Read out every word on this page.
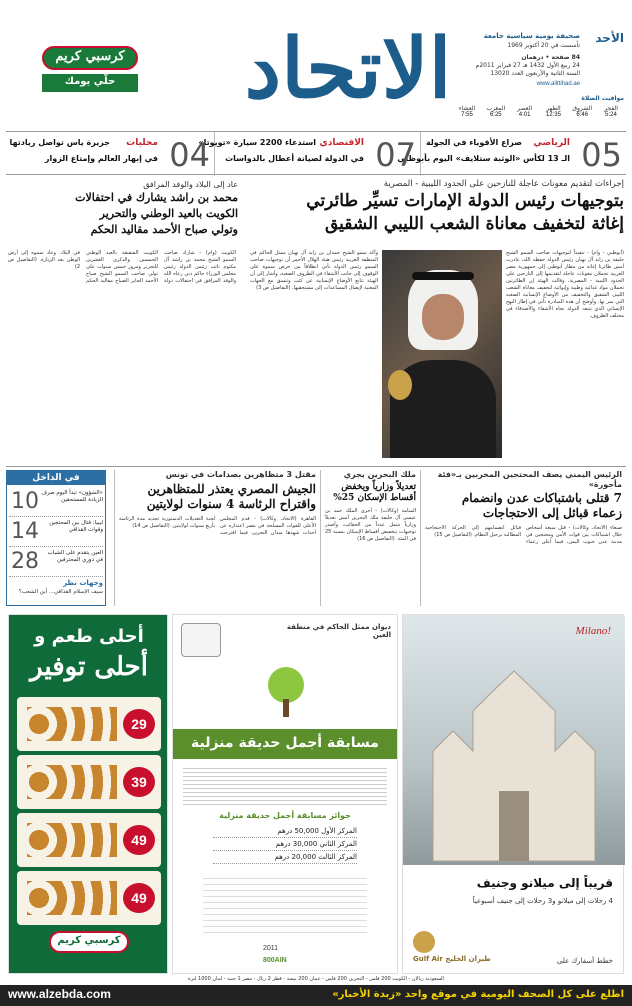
الأحد
الاتحاد	صحيفة يومية سياسية جامعة
تأسست في 20 أكتوبر 1969
84 صفحة • درهمان
24 ربيع الأول 1432 هـ 27 فبراير 2011م
السنة الثانية والأربعون العدد 13020
www.alittihad.ae
مواقيت الصلاة
الفجر
5:24
الشروق
6:46
الظهر
12:35
العصر
4:01
المغرب
6:25
العشاء
7:55
كرسبي كريم
حلّي يومك
05
الرياضي
صراع الأقوياء في الجولة
الـ 13 لكأس «الوثبة ستلايف» اليوم بأبوظبي
07
الاقتصادي
استدعاء 2200 سيارة «تويوتا»
في الدولة لصيانة أعطال بالدواسات
04
محليات
جزيرة ياس تواصل ريادتها
في إبهار العالم وإمتاع الزوار
إجراءات لتقديم معونات عاجلة للنازحين على الحدود الليبية - المصرية
بتوجيهات رئيس الدولة الإمارات تسيِّر طائرتي
إغاثة لتخفيف معاناة الشعب الليبي الشقيق
(أبوظبي - وام) - تنفيذاً لتوجيهات صاحب السمو الشيخ خليفة بن زايد آل نهيان رئيس الدولة حفظه الله، غادرت أمس طائرتا إغاثة من مطار أبوظبي إلى جمهورية مصر العربية تحملان معونات عاجلة لتقديمها إلى النازحين على الحدود الليبية - المصرية، وقالت الهيئة إن الطائرتين تحملان مواد غذائية وطبية وإيوائية لتخفيف معاناة الشعب الليبي الشقيق والتخفيف من الأوضاع الإنسانية الصعبة التي يمر بها. وأوضح أن هذه المبادرة تأتي في إطار النهج الإنساني الذي تتبعه الدولة تجاه الأشقاء والأصدقاء في مختلف الظروف.
وأكد سمو الشيخ حمدان بن زايد آل نهيان ممثل الحاكم في المنطقة الغربية رئيس هيئة الهلال الأحمر أن توجيهات صاحب السمو رئيس الدولة تأتي انطلاقاً من حرص سموه على الوقوف إلى جانب الأشقاء في الظروف الصعبة، وأشار إلى أن الهيئة تتابع الأوضاع الإنسانية عن كثب وتنسق مع الجهات المعنية لإيصال المساعدات إلى مستحقيها. (التفاصيل ص 3)
عاد إلى البلاد والوفد المرافق
محمد بن راشد يشارك في احتفالات
الكويت بالعيد الوطني والتحرير
وتولي صباح الأحمد مقاليد الحكم
الكويت (وام) - شارك صاحب السمو الشيخ محمد بن راشد آل مكتوم نائب رئيس الدولة رئيس مجلس الوزراء حاكم دبي رعاه الله والوفد المرافق في احتفالات دولة الكويت الشقيقة بالعيد الوطني الخمسين والذكرى العشرين للتحرير ومرور خمس سنوات على تولي صاحب السمو الشيخ صباح الأحمد الجابر الصباح مقاليد الحكم في البلاد. وعاد سموه إلى أرض الوطن بعد الزيارة. (التفاصيل ص 2)
الرئيس اليمني يصف المحتجين المخربين بـ«فئة مأجورة»
7 قتلى باشتباكات عدن وانضمام
زعماء قبائل إلى الاحتجاجات
صنعاء (الاتحاد، وكالات) - قتل سبعة أشخاص خلال اشتباكات بين قوات الأمن ومحتجين في مدينة عدن جنوب اليمن، فيما أعلن زعماء قبائل انضمامهم إلى الحركة الاحتجاجية المطالبة برحيل النظام. (التفاصيل ص 15)
ملك البحرين يجري
تعديلاً وزارياً ويخفض
أقساط الإسكان 25%
المنامة (وكالات) - أجرى الملك حمد بن عيسى آل خليفة ملك البحرين أمس تعديلاً وزارياً شمل عدداً من الحقائب، وأصدر توجيهات بتخفيض أقساط الإسكان بنسبة 25 في المئة. (التفاصيل ص 16)
مقتل 3 متظاهرين بصدامات في تونس
الجيش المصري يعتذر للمتظاهرين
واقتراح الرئاسة 4 سنوات لولايتين
القاهرة (الاتحاد، وكالات) - قدم المجلس الأعلى للقوات المسلحة في مصر اعتذاره عن أحداث شهدها ميدان التحرير، فيما اقترحت لجنة التعديلات الدستورية تحديد مدة الرئاسة بأربع سنوات لولايتين. (التفاصيل ص 14)
في الداخل
10 «الشؤون» تبدأ اليوم صرف الزيادة للمستحقين
14	ليبيا: قتال بين المحتجين وقوات القذافي
28	العين يتقدم على الشباب في دوري المحترفين
وجهات نظر
سيف الإسلام القذافي... أين الشعب؟
أحلى طعم و
أحلى توفير
29
39
49
49
كرسبي كريم
ديوان ممثل الحاكم في منطقة العين
مسابقة أجمل حديقة منزلية
جوائز مسابقة أجمل حديقة منزلية
المركز الأول 50,000 درهم
المركز الثاني 30,000 درهم
المركز الثالث 20,000 درهم
2011
800AIN
Milano!
قريباً إلى ميلانو وجنيف
4 رحلات إلى ميلانو و3 رحلات إلى جنيف أسبوعياً
طيران الخليج Gulf Air	خطط أسفارك على
السعودية ريالان - الكويت 200 فلس - البحرين 200 فلس - عمان 200 بيسة - قطر 2 ريال - مصر 1 جنيه - لبنان 1000 ليرة
www.alzebda.com	اطلع على كل الصحف اليومية في موقع واحد «زبدة الأخبار»
